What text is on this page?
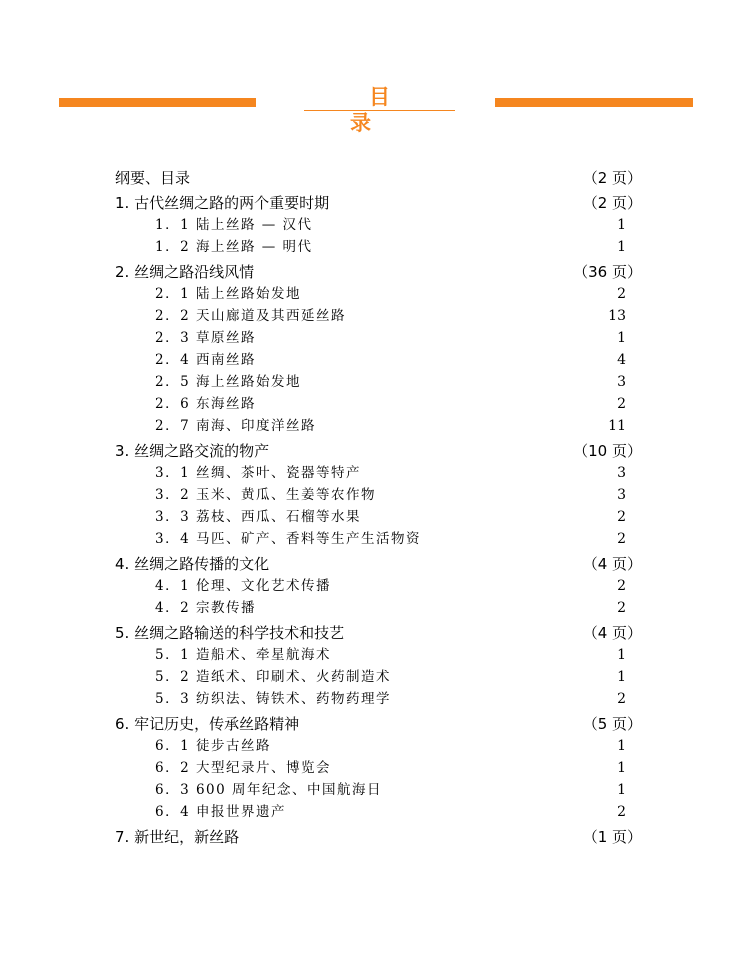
目录
纲要、目录	（2 页）
1. 古代丝绸之路的两个重要时期	（2 页）
1．1 陆上丝路 — 汉代	1
1．2 海上丝路 — 明代	1
2. 丝绸之路沿线风情	（36 页）
2．1 陆上丝路始发地	2
2．2 天山廊道及其西延丝路	13
2．3 草原丝路	1
2．4 西南丝路	4
2．5 海上丝路始发地	3
2．6 东海丝路	2
2．7 南海、印度洋丝路	11
3. 丝绸之路交流的物产	（10 页）
3．1 丝绸、茶叶、瓷器等特产	3
3．2 玉米、黄瓜、生姜等农作物	3
3．3 荔枝、西瓜、石榴等水果	2
3．4 马匹、矿产、香料等生产生活物资	2
4. 丝绸之路传播的文化	（4 页）
4．1 伦理、文化艺术传播	2
4．2 宗教传播	2
5. 丝绸之路输送的科学技术和技艺	（4 页）
5．1 造船术、牵星航海术	1
5．2 造纸术、印刷术、火药制造术	1
5．3 纺织法、铸铁术、药物药理学	2
6. 牢记历史，传承丝路精神	（5 页）
6．1 徒步古丝路	1
6．2 大型纪录片、博览会	1
6．3 600 周年纪念、中国航海日	1
6．4 申报世界遗产	2
7. 新世纪，新丝路	（1 页）
